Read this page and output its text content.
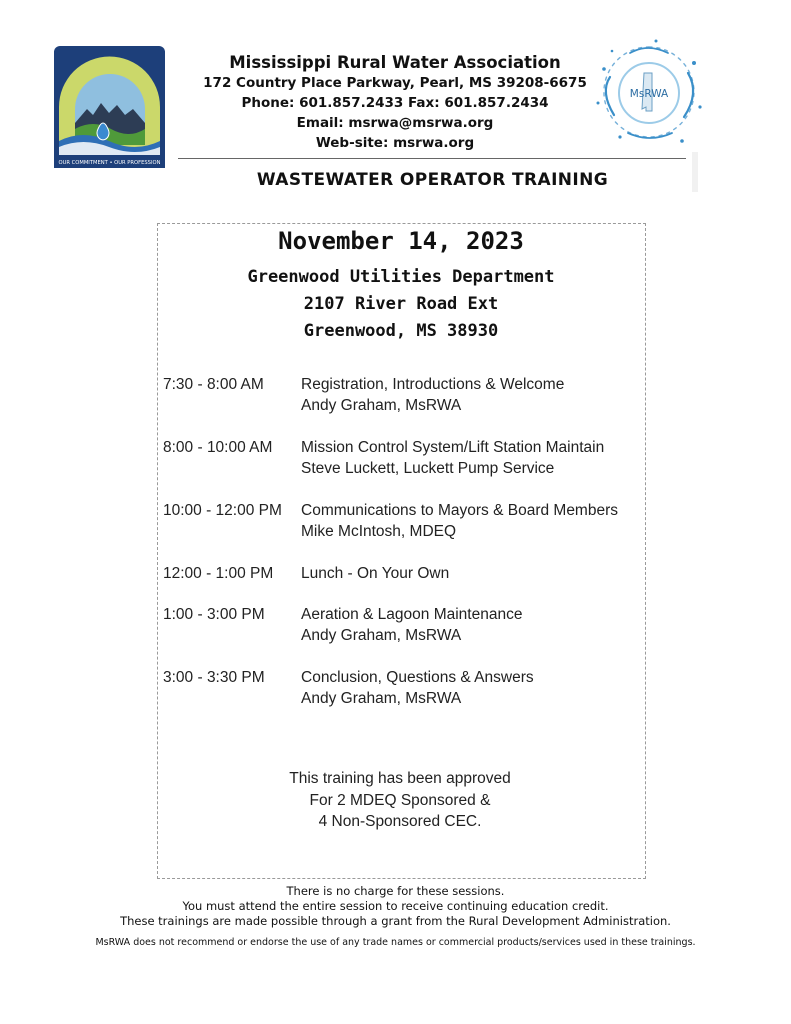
PROTECTING OUR ENVIRONMENT
OUR COMMITMENT • OUR PROFESSION
Mississippi Rural Water Association
172 Country Place Parkway, Pearl, MS 39208-6675
Phone: 601.857.2433 Fax: 601.857.2434
Email: msrwa@msrwa.org
Web-site: msrwa.org
MsRWA
WASTEWATER OPERATOR TRAINING
November 14, 2023
Greenwood Utilities Department
2107 River Road Ext
Greenwood, MS 38930
7:30 - 8:00 AM	Registration, Introductions & Welcome
Andy Graham, MsRWA
8:00 - 10:00 AM	Mission Control System/Lift Station Maintain
Steve Luckett, Luckett Pump Service
10:00 - 12:00 PM	Communications to Mayors & Board Members
Mike McIntosh, MDEQ
12:00 - 1:00 PM	Lunch - On Your Own
1:00 - 3:00 PM	Aeration & Lagoon Maintenance
Andy Graham, MsRWA
3:00 - 3:30 PM	Conclusion, Questions & Answers
Andy Graham, MsRWA
This training has been approved
For 2 MDEQ Sponsored &
4 Non-Sponsored CEC.
There is no charge for these sessions.
You must attend the entire session to receive continuing education credit.
These trainings are made possible through a grant from the Rural Development Administration.
MsRWA does not recommend or endorse the use of any trade names or commercial products/services used in these trainings.
